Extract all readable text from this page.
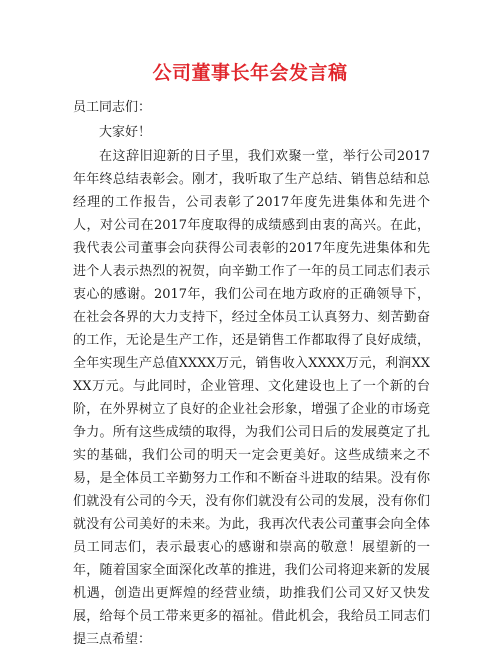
公司董事长年会发言稿
员工同志们：
大家好！
在这辞旧迎新的日子里，我们欢聚一堂，举行公司2017年年终总结表彰会。刚才，我听取了生产总结、销售总结和总经理的工作报告，公司表彰了2017年度先进集体和先进个人，对公司在2017年度取得的成绩感到由衷的高兴。在此，我代表公司董事会向获得公司表彰的2017年度先进集体和先进个人表示热烈的祝贺，向辛勤工作了一年的员工同志们表示衷心的感谢。2017年，我们公司在地方政府的正确领导下，在社会各界的大力支持下，经过全体员工认真努力、刻苦勤奋的工作，无论是生产工作，还是销售工作都取得了良好成绩，全年实现生产总值XXXX万元，销售收入XXXX万元，利润XXXX万元。与此同时，企业管理、文化建设也上了一个新的台阶，在外界树立了良好的企业社会形象，增强了企业的市场竞争力。所有这些成绩的取得，为我们公司日后的发展奠定了扎实的基础，我们公司的明天一定会更美好。这些成绩来之不易，是全体员工辛勤努力工作和不断奋斗进取的结果。没有你们就没有公司的今天，没有你们就没有公司的发展，没有你们就没有公司美好的未来。为此，我再次代表公司董事会向全体员工同志们，表示最衷心的感谢和崇高的敬意！展望新的一年，随着国家全面深化改革的推进，我们公司将迎来新的发展机遇，创造出更辉煌的经营业绩，助推我们公司又好又快发展，给每个员工带来更多的福祉。借此机会，我给员工同志们提三点希望：
